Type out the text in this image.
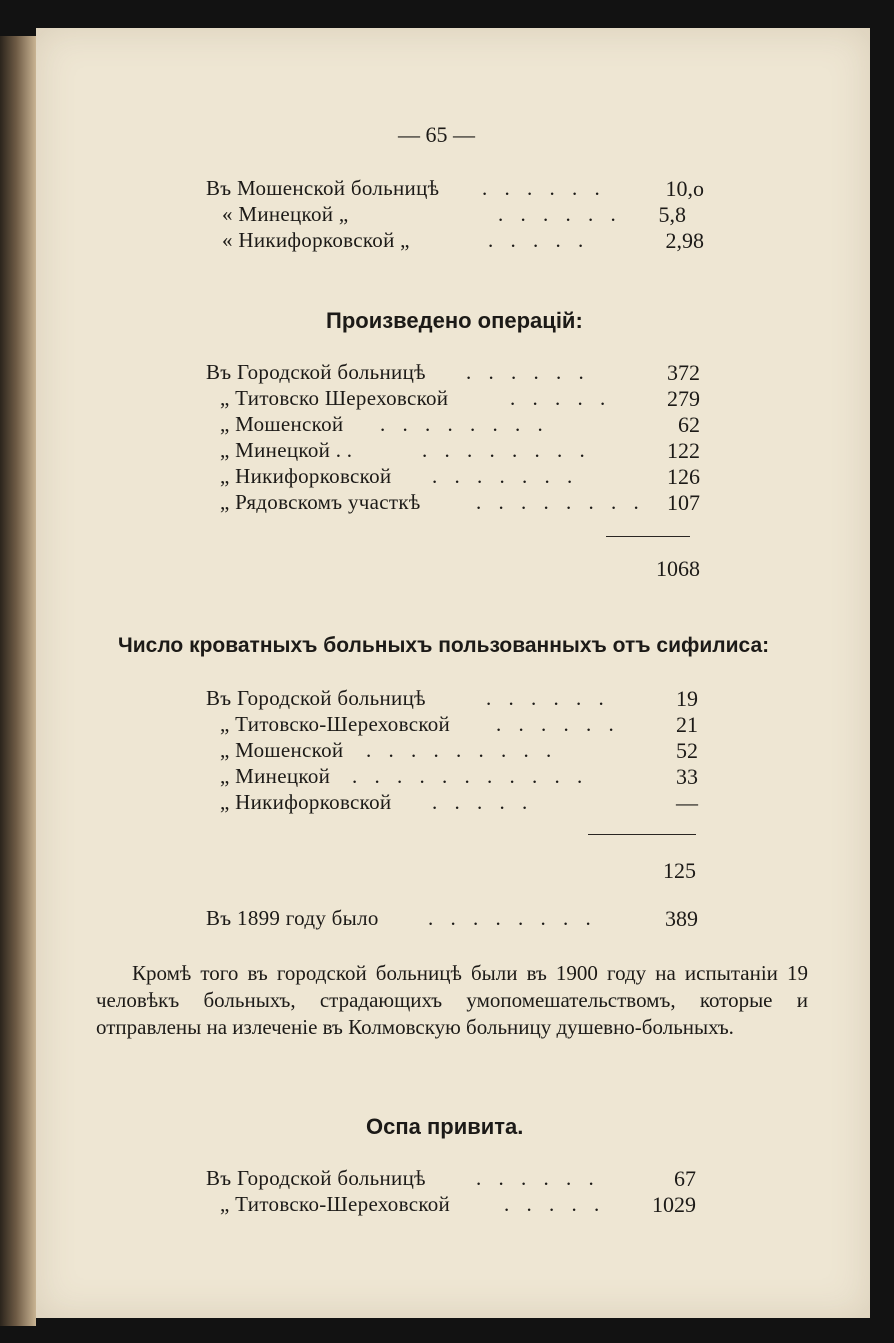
— 65 —
Въ Мошенской больницѣ . . . . . .	10,о
« Минецкой „	. . . . . .	5,8
« Никифорковской „	. . . . .	2,98
Произведено операцій:
Въ Городской больницѣ . . . . . .	372
„ Титовско Шереховской	. . . . .	279
„ Мошенской . . . . . . . .	62
„ Минецкой . .	. . . . . . . .	122
„ Никифорковской . . . . . . .	126
„ Рядовскомъ участкѣ	. . . . . . . .	107
1068
Число кроватныхъ больныхъ пользованныхъ отъ сифилиса:
Въ Городской больницѣ	. . . . . .	19
„ Титовско-Шереховской . . . . . .	21
„ Мошенской . . . . . . . . .	52
„ Минецкой . . . . . . . . . . .	33
„ Никифорковской . . . . .	—
125
Въ 1899 году было . . . . . . . .	389

Кромѣ того въ городской больницѣ были въ 1900 году на испытаніи 19 человѣкъ больныхъ, страдающихъ умопомешательствомъ, которые и отправлены на излеченіе въ Колмовскую больницу душевно-больныхъ.

Оспа привита.
Въ Городской больницѣ . . . . . .	67
„ Титовско-Шереховской	. . . . .	1029
